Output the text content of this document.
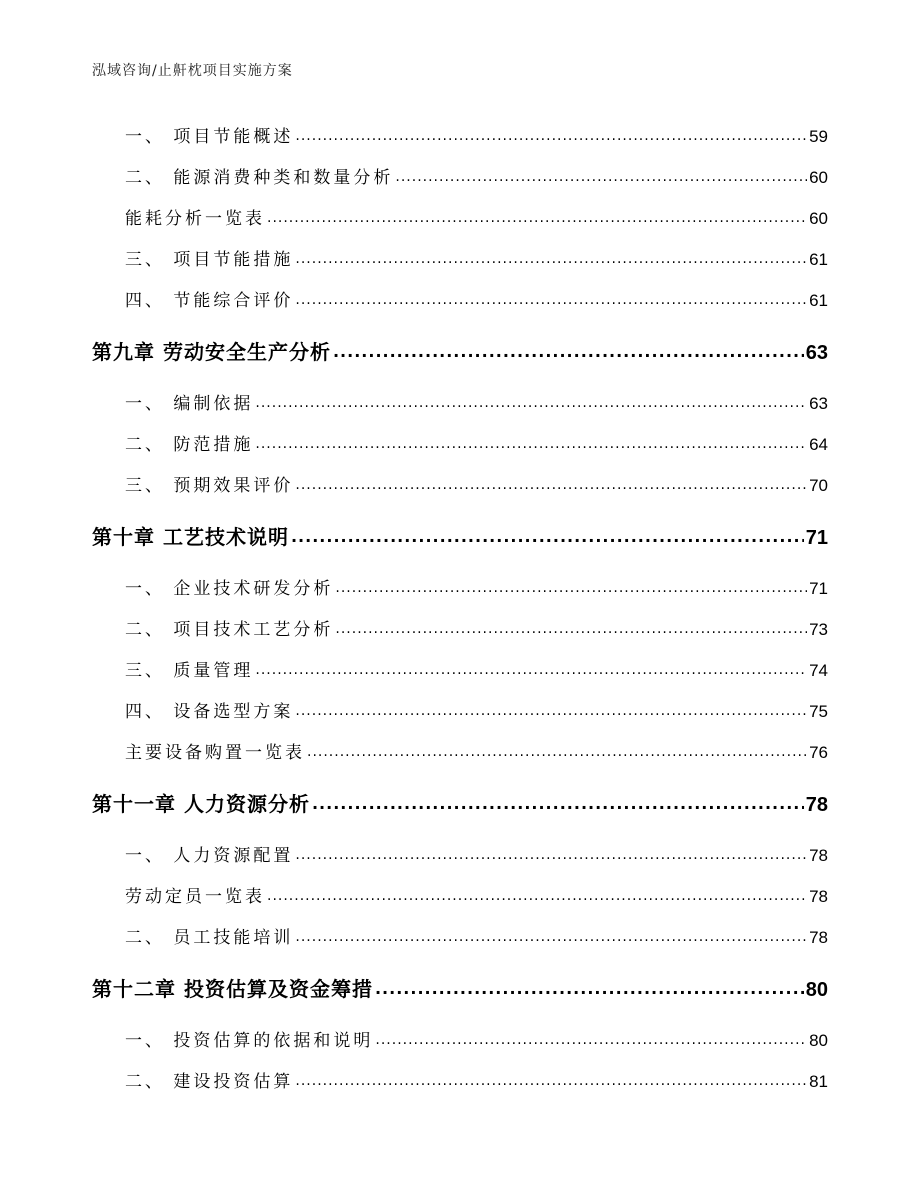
泓域咨询/止鼾枕项目实施方案
一、 项目节能概述 .....	59
二、 能源消费种类和数量分析 .....	60
能耗分析一览表 .....	60
三、 项目节能措施 .....	61
四、 节能综合评价 .....	61
第九章 劳动安全生产分析 .....	63
一、 编制依据 .....	63
二、 防范措施 .....	64
三、 预期效果评价 .....	70
第十章 工艺技术说明 .....	71
一、 企业技术研发分析 .....	71
二、 项目技术工艺分析 .....	73
三、 质量管理 .....	74
四、 设备选型方案 .....	75
主要设备购置一览表 .....	76
第十一章 人力资源分析 .....	78
一、 人力资源配置 .....	78
劳动定员一览表 .....	78
二、 员工技能培训 .....	78
第十二章 投资估算及资金筹措 .....	80
一、 投资估算的依据和说明 .....	80
二、 建设投资估算 .....	81
